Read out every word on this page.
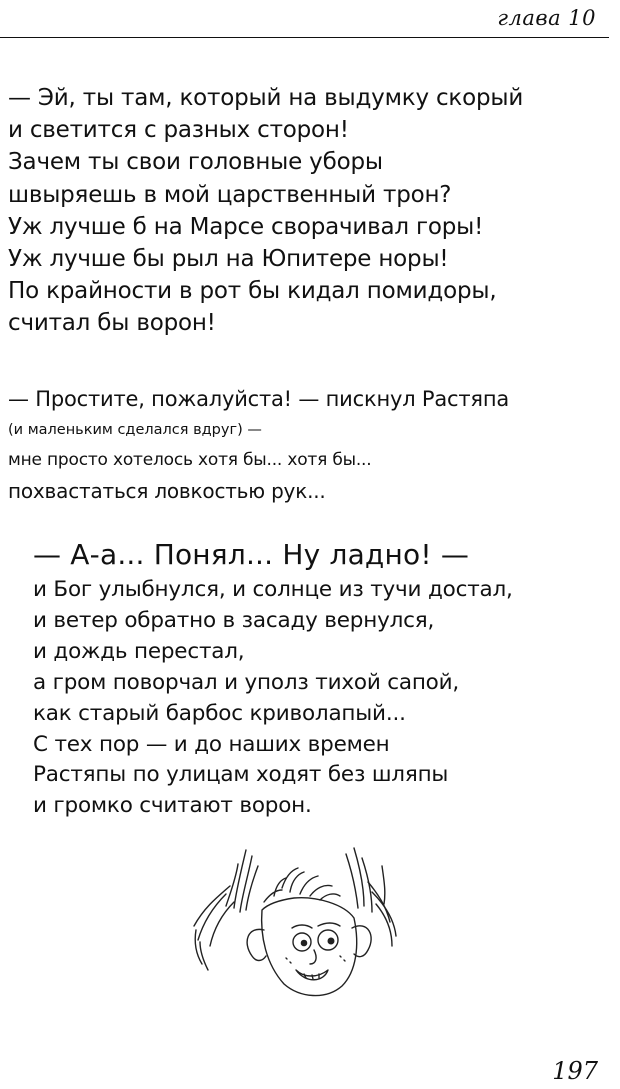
глава 10
— Эй, ты там, который на выдумку скорый
и светится с разных сторон!
Зачем ты свои головные уборы
швыряешь в мой царственный трон?
Уж лучше б на Марсе сворачивал горы!
Уж лучше бы рыл на Юпитере норы!
По крайности в рот бы кидал помидоры,
считал бы ворон!
— Простите, пожалуйста! — пискнул Растяпа
(и маленьким сделался вдруг) —
мне просто хотелось хотя бы... хотя бы...
похвастаться ловкостью рук...
— А-а... Понял... Ну ладно! —
и Бог улыбнулся, и солнце из тучи достал,
и ветер обратно в засаду вернулся,
и дождь перестал,
а гром поворчал и уполз тихой сапой,
как старый барбос криволапый...
С тех пор — и до наших времен
Растяпы по улицам ходят без шляпы
и громко считают ворон.
197
